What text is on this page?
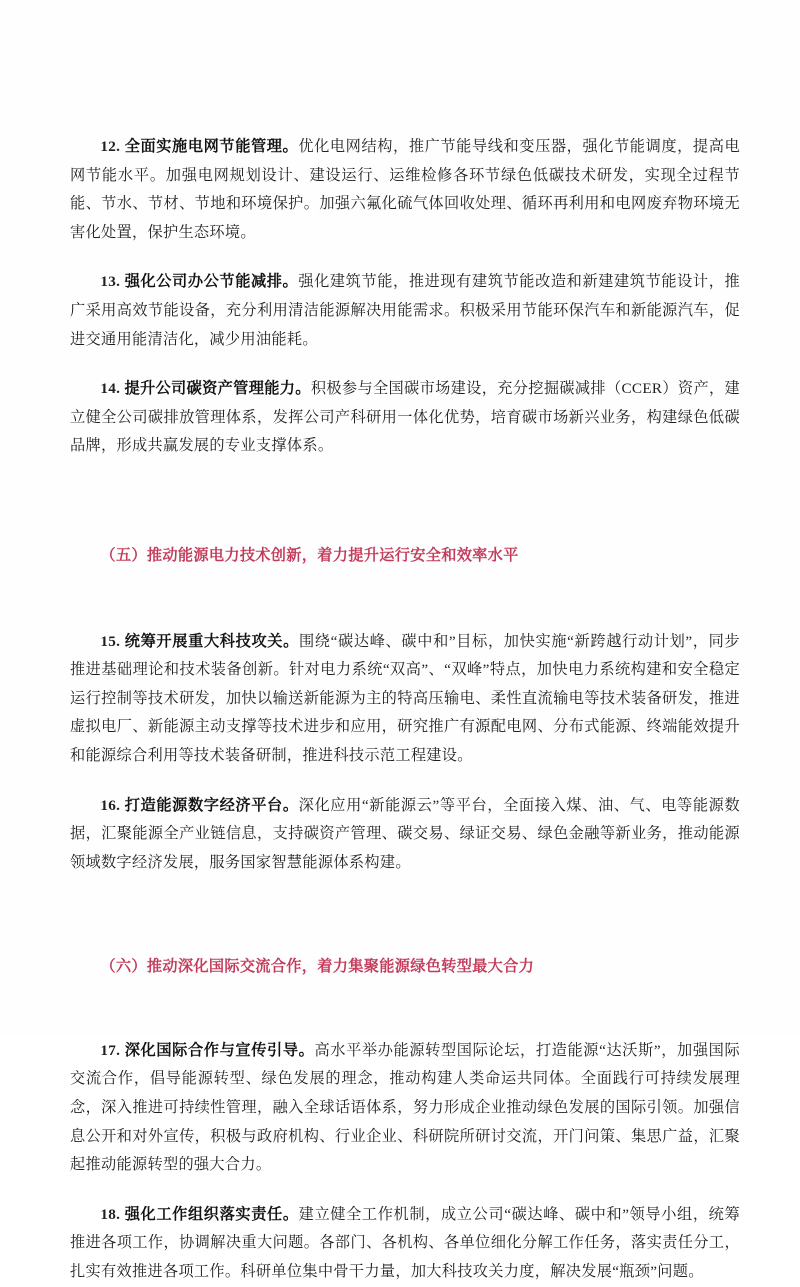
12. 全面实施电网节能管理。优化电网结构，推广节能导线和变压器，强化节能调度，提高电网节能水平。加强电网规划设计、建设运行、运维检修各环节绿色低碳技术研发，实现全过程节能、节水、节材、节地和环境保护。加强六氟化硫气体回收处理、循环再利用和电网废弃物环境无害化处置，保护生态环境。

13. 强化公司办公节能减排。强化建筑节能，推进现有建筑节能改造和新建建筑节能设计，推广采用高效节能设备，充分利用清洁能源解决用能需求。积极采用节能环保汽车和新能源汽车，促进交通用能清洁化，减少用油能耗。

14. 提升公司碳资产管理能力。积极参与全国碳市场建设，充分挖掘碳减排（CCER）资产，建立健全公司碳排放管理体系，发挥公司产科研用一体化优势，培育碳市场新兴业务，构建绿色低碳品牌，形成共赢发展的专业支撑体系。

（五）推动能源电力技术创新，着力提升运行安全和效率水平

15. 统筹开展重大科技攻关。围绕“碳达峰、碳中和”目标，加快实施“新跨越行动计划”，同步推进基础理论和技术装备创新。针对电力系统“双高”、“双峰”特点，加快电力系统构建和安全稳定运行控制等技术研发，加快以输送新能源为主的特高压输电、柔性直流输电等技术装备研发，推进虚拟电厂、新能源主动支撑等技术进步和应用，研究推广有源配电网、分布式能源、终端能效提升和能源综合利用等技术装备研制，推进科技示范工程建设。

16. 打造能源数字经济平台。深化应用“新能源云”等平台，全面接入煤、油、气、电等能源数据，汇聚能源全产业链信息，支持碳资产管理、碳交易、绿证交易、绿色金融等新业务，推动能源领域数字经济发展，服务国家智慧能源体系构建。

（六）推动深化国际交流合作，着力集聚能源绿色转型最大合力

17. 深化国际合作与宣传引导。高水平举办能源转型国际论坛，打造能源“达沃斯”，加强国际交流合作，倡导能源转型、绿色发展的理念，推动构建人类命运共同体。全面践行可持续发展理念，深入推进可持续性管理，融入全球话语体系，努力形成企业推动绿色发展的国际引领。加强信息公开和对外宣传，积极与政府机构、行业企业、科研院所研讨交流，开门问策、集思广益，汇聚起推动能源转型的强大合力。

18. 强化工作组织落实责任。建立健全工作机制，成立公司“碳达峰、碳中和”领导小组，统筹推进各项工作，协调解决重大问题。各部门、各机构、各单位细化分解工作任务，落实责任分工，扎实有效推进各项工作。科研单位集中骨干力量，加大科技攻关力度，解决发展“瓶颈”问题。
